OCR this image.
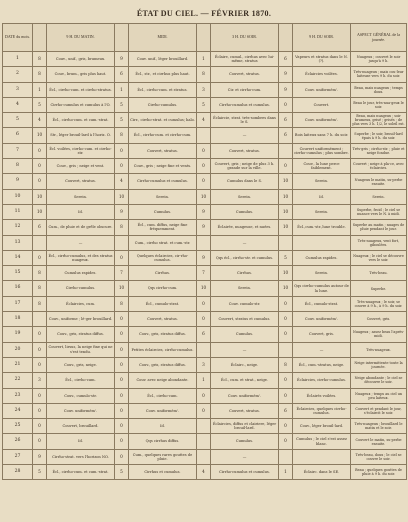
ÉTAT DU CIEL. — FÉVRIER 1870.
DATE du mois.		9 H. DU MATIN.		MIDI.		3 H. DU SOIR.		9 H. DU SOIR.	ASPECT GÉNÉRAL de la journée.
1	8	Couv., unif., gris, brumeux.	9	Couv. unif., léger brouillard.	1	Éclaire, cumul., cirrhus avec lui-même, stratus	6	Vapeurs et stratus dans le N. (?).	Nuageux ; couvert le soir jusqu'à 9 h.
2	8	Couv., brum., gris plus haut.	6	Écl., str., et cirrhus plus haut.	8	Couvert, stratus.	9	Éclaircies voilées.	Très-nuageux ; mais cou-leur laiteuse vers 9 h. du soir.
3	1	Écl., cirrho-cum. et cirrho-stratus.	1	Écl., cirrho-cum. et stratus.	3	Cir. et cirrho-cum.	9	Couv. uniformém'.	Beau, mais nuageux ; temps doux.
4	5	Cirrho-cumulus et cumulus à l'O.	5	Cirrho-cumulus.	5	Cirrho-cumulus et cumulus.	0	Couvert.	Beau le jour, très-nua-geux le soir.
5	4	Écl., cirrho-cum. et cum.-strat.	5	Cirr., cirrho-strat. et cumulus; halo.	4	Éclaircie, strat. très-sombres dans le S.	6	Couv. uniformém'.	Beau, mais nuageux ; soir brumeux, grisé ; grisés ; de plus vers 3 h. 1/2, le soleil est.
6	10	Str., léger brouil-lard à l'horiz. O.	8	Écl., cirrho-cum. et cirrho-cum.		—	6	Bois laiteux sans 7 h. du soir.	Superbe ; le soir, brouil-lard épais à 9 h. du soir.
7	0	Écl. voilées, cirrho-cum. et cirrho-str.	0	Couvert, stratus.	0	Couvert, stratus.		Couvert uniformément ; cirrho-cumulus ; plus sombre.	Très-gris ; cirrho-str. ; pluie et neige fondue.
8	0	Couv., gris ; neige et vent.	0	Couv., gris ; neige fine et vents.	0	Couvert, gris ; neige de plus 3 h. grande sur la ville.	0	Couv., la lune perce faiblement.	Couvert ; neige à pla-ce, avec éclaircies.
9	0	Couvert, stratus.	4	Cirrho-cumulus et cumulus.	0	Cumulus dans le S.	10	Serein.	Nuageux le matin, su-perbe ensuite.
10	10	Serein.	10	Serein.	10	Serein.	10	Id.	Serein.
11	10	Id.	9	Cumulus.	9	Cumulus.	10	Serein.	Superbe, froid ; le ciel se nuance vers le N. à midi.
12	6	Cum., de pluie et de grêle obscure.	8	Écl., cum. diffus, neige fine fréquemment.	9	Éclairée, nuageuse, et nuées.	10	Écl.,cum.-str.,lune trouble.	Superbe au matin ; nuages de pluie pendant le jour.
13		—		Cum., cirrho strat. et cum.-str.		—			Très-nuageux, vent fort, giboulées.
14	0	Écl., cirrho-cumulus, et des stratus nuageux.	0	Quelques éclaircies, cir-rho-cumulus.	9	Qqs écl., cirrho-str. et cumulus.	5	Cumulus rapides.	Nuageux ; le ciel se découvre vers le soir.
15	8	Cumulus rapides.	7	Cirrhus.	7	Cirrhus.	10	Serein.	Très-beau.
16	8	Cirrho-cumulus.	10	Qqs cirrho-cum.	10	Serein.	10	Qqs cirrho-cumulus autour de la lune.	Superbe.
17	8	Éclaircies, cum.	8	Écl., cumulo-strat.	0	Couv. cumulo-str.	0	Écl., cumulo-strat.	Très-nuageux ; le soir, se couvre à 9 h., à 9 h. du soir.
18		Couv., uniforme ; lé-ger brouillard.	0	Couvert, stratus.	0	Couvert, stratus et cumulus.	0	Couv. uniformém'.	Couvert, gris.
19	0	Couv., gris, stratus diffus.	0	Couv., gris, stratus diffus.	6	Cumulus.	0	Couvert, gris.	Nuageux ; assez beau l'après-midi.
20	0	Couvert, lirsus, la neige fine qui ne s'est tendu.	0	Petites éclaircies, cirrho-cumulus.		—		—	Très-nuageux.
21	0	Couv., gris, neige.	0	Couv., gris, stratus diffus.	3	Éclairc., neige.	8	Écl., cum.-stratus, neige.	Neige intermittente toute la journée.
22	3	Écl., cirrho-cum.	0	Couv. avec neige abondante.	1	Écl., cum. et strat., neige.	0	Éclaircies, cirrho-cumulus.	Neige abondante ; le ciel se découvre le soir.
23	0	Couv., cumulo-str.	0	Écl., cirrho-cum.	0	Couv. uniformém'.	0	Éclairés voilées.	Nuageux ; temps au ciel un peu laiteux.
24	0	Couv. uniformém'.	0	Couv. uniformém'.	0	Couvert, stratus.	6	Éclaircies, quelques cirrho-cumulus.	Couvert et pendant le jour, s'éclaircit le soir.
25	0	Couvert, brouillard.	0	Id.		Éclaircies, diffus et clairiere, léger brouil-lard.	0	Couv., léger brouil-lard.	Très-nuageux ; brouillard le matin et le soir.
26	0	Id.	0	Qqs cirrhus diffus.		Cumulus.	0	Cumulus ; le ciel s'est assez blanc.	Couvert le matin, su-perbe ensuite.
27	9	Cirrho-strat. vers l'horizon NO.	0	Cum., quelques rares gouttes de pluie.		—			Très-beau, doux ; le ciel se couvre le soir.
28	5	Écl., cirrho-cum. et cum.-strat.	5	Cirrhus et cumulus.	4	Cirrho-cumulus et cumulus.	1	Éclairc. dans le SE.	Beau ; quelques gouttes de pluie à 9 h. du soir.
